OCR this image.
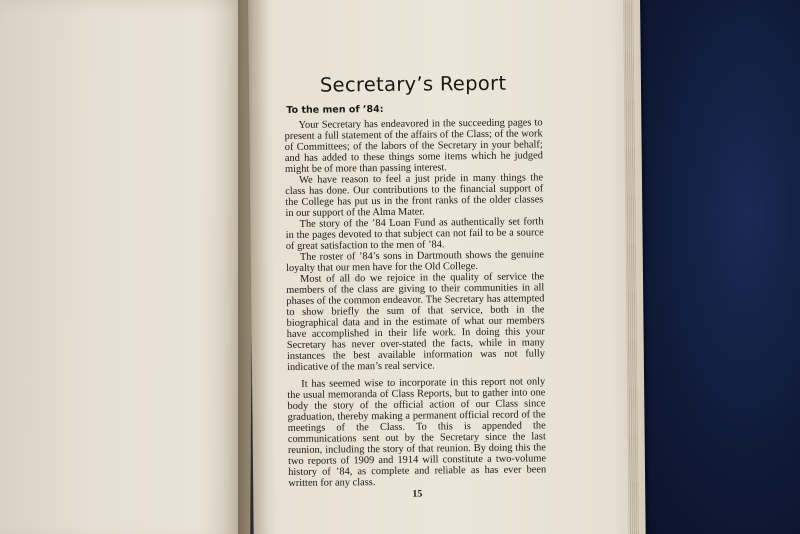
Secretary’s Report
To the men of ’84:

Your Secretary has endeavored in the succeeding pages to present a full statement of the affairs of the Class; of the work of Committees; of the labors of the Secretary in your behalf; and has added to these things some items which he judged might be of more than passing interest.

We have reason to feel a just pride in many things the class has done. Our contributions to the financial support of the College has put us in the front ranks of the older classes in our support of the Alma Mater.

The story of the ’84 Loan Fund as authentically set forth in the pages devoted to that subject can not fail to be a source of great satisfaction to the men of ’84.

The roster of ’84’s sons in Dartmouth shows the genuine loyalty that our men have for the Old College.

Most of all do we rejoice in the quality of service the members of the class are giving to their communities in all phases of the common endeavor. The Secretary has attempted to show briefly the sum of that service, both in the biographical data and in the estimate of what our members have accomplished in their life work. In doing this your Secretary has never over-stated the facts, while in many instances the best available information was not fully indicative of the man’s real service.

It has seemed wise to incorporate in this report not only the usual memoranda of Class Reports, but to gather into one body the story of the official action of our Class since graduation, thereby making a permanent official record of the meetings of the Class. To this is appended the communications sent out by the Secretary since the last reunion, including the story of that reunion. By doing this the two reports of 1909 and 1914 will constitute a two-volume history of ’84, as complete and reliable as has ever been written for any class.

15
